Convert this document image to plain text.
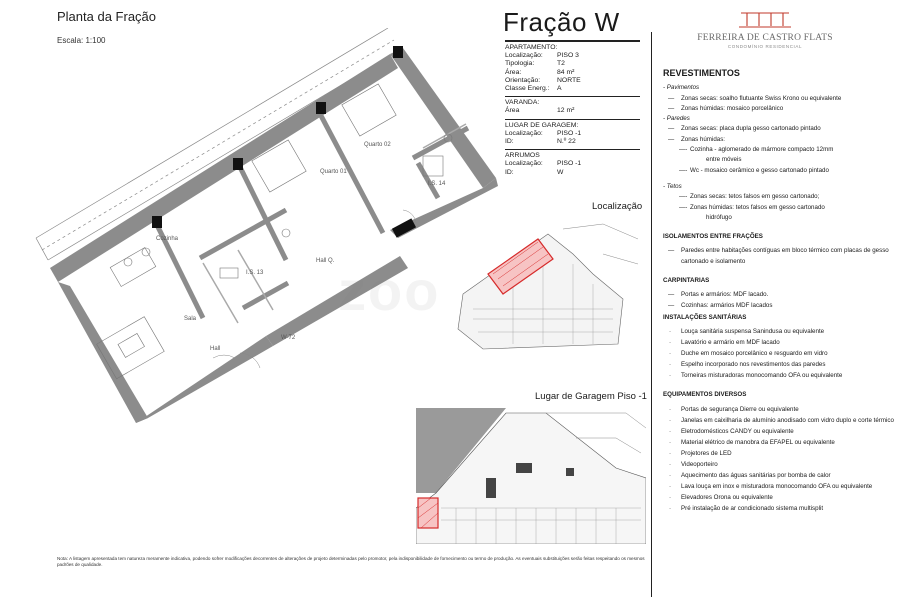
Planta da Fração
Escala: 1:100
Cozinha
Quarto 01
Quarto 02
Sala
Hall
Hall Q.
I.S. 13
I.S. 14
W-72
zoo
Fração W
APARTAMENTO:
Localização:	PISO 3
Tipologia:	T2
Área:	84 m²
Orientação:	NORTE
Classe Energ.:	A
VARANDA:
Área	12 m²
LUGAR DE GARAGEM:
Localização:	PISO -1
ID:	N.º 22
ARRUMOS
Localização:	PISO -1
ID:	W
FERREIRA DE CASTRO FLATS
CONDOMÍNIO RESIDENCIAL
REVESTIMENTOS
- Pavimentos
— Zonas secas: soalho flutuante Swiss Krono ou equivalente
— Zonas húmidas: mosaico porcelânico
- Paredes
— Zonas secas: placa dupla gesso cartonado pintado
— Zonas húmidas:
—- Cozinha - aglomerado de mármore compacto 12mm
entre móveis
—- Wc - mosaico cerâmico e gesso cartonado pintado
- Tetos
—- Zonas secas: tetos falsos em gesso cartonado;
—- Zonas húmidas: tetos falsos em gesso cartonado
hidrófugo
ISOLAMENTOS ENTRE FRAÇÕES
— Paredes entre habitações contíguas em bloco térmico com placas de gesso cartonado e isolamento
CARPINTARIAS
— Portas e armários: MDF lacado.
— Cozinhas: armários MDF lacados
INSTALAÇÕES SANITÁRIAS
· Louça sanitária suspensa Sanindusa ou equivalente
· Lavatório e armário em MDF lacado
· Duche em mosaico porcelânico e resguardo em vidro
· Espelho incorporado nos revestimentos das paredes
· Torneiras misturadoras monocomando OFA ou equivalente
EQUIPAMENTOS DIVERSOS
· Portas de segurança Dierre ou equivalente
· Janelas em caixilharia de alumínio anodisado com vidro duplo e corte térmico
· Eletrodomésticos CANDY ou equivalente
· Material elétrico de manobra da EFAPEL ou equivalente
· Projetores de LED
· Videoporteiro
· Aquecimento das águas sanitárias por bomba de calor
· Lava louça em inox e misturadora monocomando OFA ou equivalente
· Elevadores Orona ou equivalente
· Pré instalação de ar condicionado sistema multisplit
Localização
Lugar de Garagem Piso -1
Nota: A listagem apresentada tem natureza meramente indicativa, podendo sofrer modificações decorrentes de alterações de projeto determinadas pelo promotor, pela indisponibilidade de fornecimento ou termo de produção. As eventuais substituições serão feitas respeitando os mesmos padrões de qualidade.
